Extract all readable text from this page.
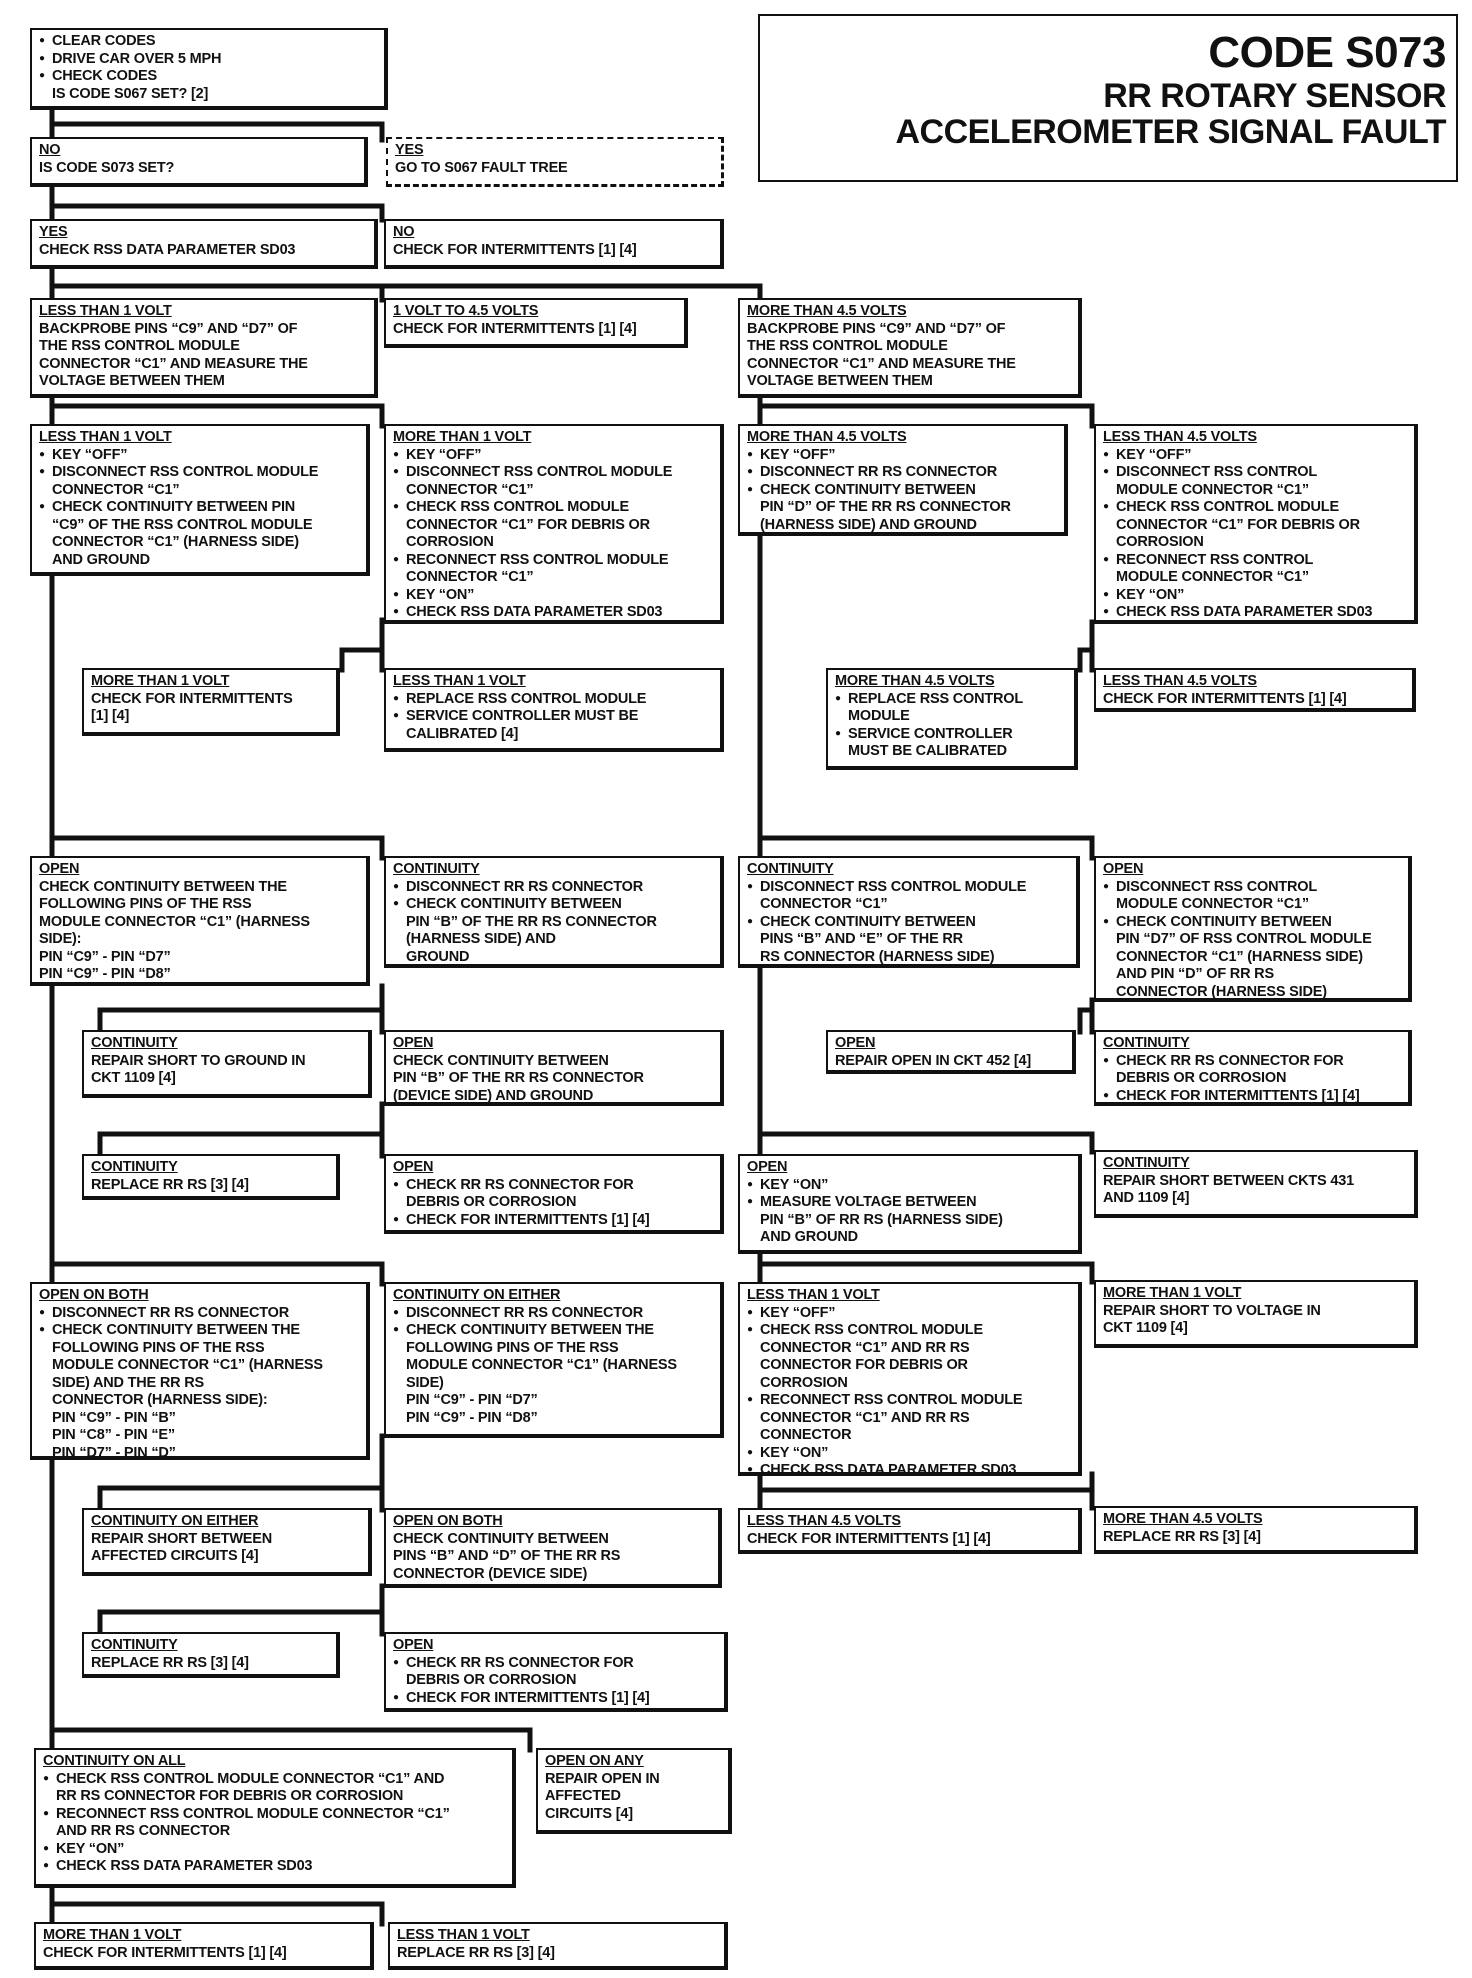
CODE S073
RR ROTARY SENSOR
ACCELEROMETER SIGNAL FAULT
● CLEAR CODES
● DRIVE CAR OVER 5 MPH
● CHECK CODES
IS CODE S067 SET? [2]
NO
IS CODE S073 SET?
YES
GO TO S067 FAULT TREE
YES
CHECK RSS DATA PARAMETER SD03
NO
CHECK FOR INTERMITTENTS [1] [4]
LESS THAN 1 VOLT
BACKPROBE PINS “C9” AND “D7” OF
THE RSS CONTROL MODULE
CONNECTOR “C1” AND MEASURE THE
VOLTAGE BETWEEN THEM
1 VOLT TO 4.5 VOLTS
CHECK FOR INTERMITTENTS [1] [4]
MORE THAN 4.5 VOLTS
BACKPROBE PINS “C9” AND “D7” OF
THE RSS CONTROL MODULE
CONNECTOR “C1” AND MEASURE THE
VOLTAGE BETWEEN THEM
LESS THAN 1 VOLT
● KEY “OFF”
● DISCONNECT RSS CONTROL MODULE
CONNECTOR “C1”
● CHECK CONTINUITY BETWEEN PIN
“C9” OF THE RSS CONTROL MODULE
CONNECTOR “C1” (HARNESS SIDE)
AND GROUND
MORE THAN 1 VOLT
● KEY “OFF”
● DISCONNECT RSS CONTROL MODULE
CONNECTOR “C1”
● CHECK RSS CONTROL MODULE
CONNECTOR “C1” FOR DEBRIS OR
CORROSION
● RECONNECT RSS CONTROL MODULE
CONNECTOR “C1”
● KEY “ON”
● CHECK RSS DATA PARAMETER SD03
MORE THAN 4.5 VOLTS
● KEY “OFF”
● DISCONNECT RR RS CONNECTOR
● CHECK CONTINUITY BETWEEN
PIN “D” OF THE RR RS CONNECTOR
(HARNESS SIDE) AND GROUND
LESS THAN 4.5 VOLTS
● KEY “OFF”
● DISCONNECT RSS CONTROL
MODULE CONNECTOR “C1”
● CHECK RSS CONTROL MODULE
CONNECTOR “C1” FOR DEBRIS OR
CORROSION
● RECONNECT RSS CONTROL
MODULE CONNECTOR “C1”
● KEY “ON”
● CHECK RSS DATA PARAMETER SD03
MORE THAN 1 VOLT
CHECK FOR INTERMITTENTS
[1] [4]
LESS THAN 1 VOLT
● REPLACE RSS CONTROL MODULE
● SERVICE CONTROLLER MUST BE
CALIBRATED [4]
MORE THAN 4.5 VOLTS
● REPLACE RSS CONTROL
MODULE
● SERVICE CONTROLLER
MUST BE CALIBRATED
LESS THAN 4.5 VOLTS
CHECK FOR INTERMITTENTS [1] [4]
OPEN
CHECK CONTINUITY BETWEEN THE
FOLLOWING PINS OF THE RSS
MODULE CONNECTOR “C1” (HARNESS
SIDE):
PIN “C9” - PIN “D7”
PIN “C9” - PIN “D8”
CONTINUITY
● DISCONNECT RR RS CONNECTOR
● CHECK CONTINUITY BETWEEN
PIN “B” OF THE RR RS CONNECTOR
(HARNESS SIDE) AND
GROUND
CONTINUITY
● DISCONNECT RSS CONTROL MODULE
CONNECTOR “C1”
● CHECK CONTINUITY BETWEEN
PINS “B” AND “E” OF THE RR
RS CONNECTOR (HARNESS SIDE)
OPEN
● DISCONNECT RSS CONTROL
MODULE CONNECTOR “C1”
● CHECK CONTINUITY BETWEEN
PIN “D7” OF RSS CONTROL MODULE
CONNECTOR “C1” (HARNESS SIDE)
AND PIN “D” OF RR RS
CONNECTOR (HARNESS SIDE)
CONTINUITY
REPAIR SHORT TO GROUND IN
CKT 1109 [4]
OPEN
CHECK CONTINUITY BETWEEN
PIN “B” OF THE RR RS CONNECTOR
(DEVICE SIDE) AND GROUND
OPEN
REPAIR OPEN IN CKT 452 [4]
CONTINUITY
● CHECK RR RS CONNECTOR FOR
DEBRIS OR CORROSION
● CHECK FOR INTERMITTENTS [1] [4]
CONTINUITY
REPLACE RR RS [3] [4]
OPEN
● CHECK RR RS CONNECTOR FOR
DEBRIS OR CORROSION
● CHECK FOR INTERMITTENTS [1] [4]
OPEN
● KEY “ON”
● MEASURE VOLTAGE BETWEEN
PIN “B” OF RR RS (HARNESS SIDE)
AND GROUND
CONTINUITY
REPAIR SHORT BETWEEN CKTS 431
AND 1109 [4]
OPEN ON BOTH
● DISCONNECT RR RS CONNECTOR
● CHECK CONTINUITY BETWEEN THE
FOLLOWING PINS OF THE RSS
MODULE CONNECTOR “C1” (HARNESS
SIDE) AND THE RR RS
CONNECTOR (HARNESS SIDE):
PIN “C9” - PIN “B”
PIN “C8” - PIN “E”
PIN “D7” - PIN “D”
CONTINUITY ON EITHER
● DISCONNECT RR RS CONNECTOR
● CHECK CONTINUITY BETWEEN THE
FOLLOWING PINS OF THE RSS
MODULE CONNECTOR “C1” (HARNESS
SIDE)
PIN “C9” - PIN “D7”
PIN “C9” - PIN “D8”
LESS THAN 1 VOLT
● KEY “OFF”
● CHECK RSS CONTROL MODULE
CONNECTOR “C1” AND RR RS
CONNECTOR FOR DEBRIS OR
CORROSION
● RECONNECT RSS CONTROL MODULE
CONNECTOR “C1” AND RR RS
CONNECTOR
● KEY “ON”
● CHECK RSS DATA PARAMETER SD03
MORE THAN 1 VOLT
REPAIR SHORT TO VOLTAGE IN
CKT 1109 [4]
CONTINUITY ON EITHER
REPAIR SHORT BETWEEN
AFFECTED CIRCUITS [4]
OPEN ON BOTH
CHECK CONTINUITY BETWEEN
PINS “B” AND “D” OF THE RR RS
CONNECTOR (DEVICE SIDE)
LESS THAN 4.5 VOLTS
CHECK FOR INTERMITTENTS [1] [4]
MORE THAN 4.5 VOLTS
REPLACE RR RS [3] [4]
CONTINUITY
REPLACE RR RS [3] [4]
OPEN
● CHECK RR RS CONNECTOR FOR
DEBRIS OR CORROSION
● CHECK FOR INTERMITTENTS [1] [4]
CONTINUITY ON ALL
● CHECK RSS CONTROL MODULE CONNECTOR “C1” AND
RR RS CONNECTOR FOR DEBRIS OR CORROSION
● RECONNECT RSS CONTROL MODULE CONNECTOR “C1”
AND RR RS CONNECTOR
● KEY “ON”
● CHECK RSS DATA PARAMETER SD03
OPEN ON ANY
REPAIR OPEN IN
AFFECTED
CIRCUITS [4]
MORE THAN 1 VOLT
CHECK FOR INTERMITTENTS [1] [4]
LESS THAN 1 VOLT
REPLACE RR RS [3] [4]
